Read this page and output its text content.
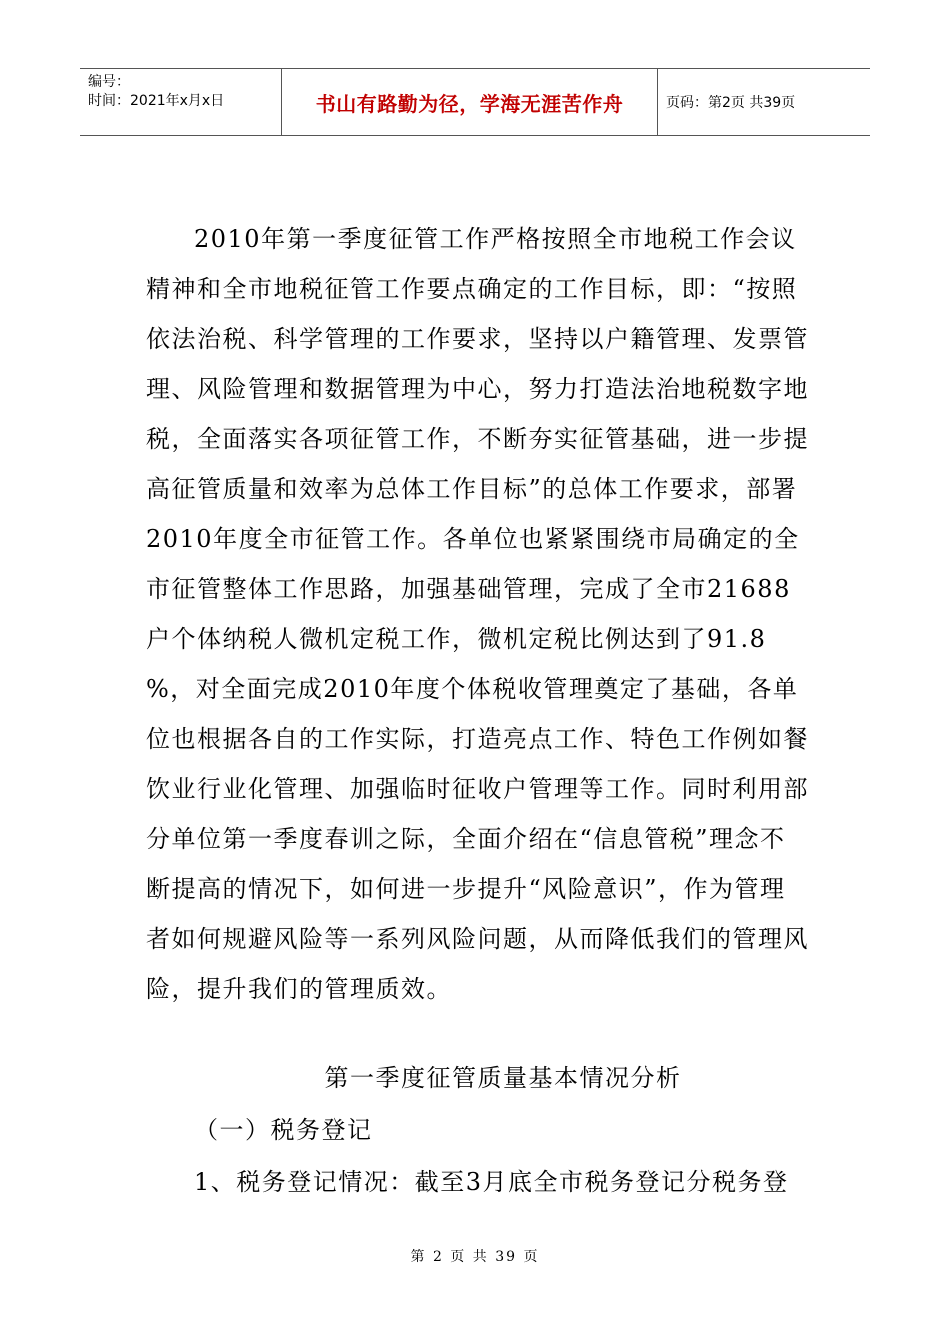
编号：
时间：2021年x月x日	书山有路勤为径，学海无涯苦作舟	页码：第2页 共39页

2010年第一季度征管工作严格按照全市地税工作会议精神和全市地税征管工作要点确定的工作目标，即：“按照依法治税、科学管理的工作要求，坚持以户籍管理、发票管理、风险管理和数据管理为中心，努力打造法治地税数字地税，全面落实各项征管工作，不断夯实征管基础，进一步提高征管质量和效率为总体工作目标”的总体工作要求，部署2010年度全市征管工作。各单位也紧紧围绕市局确定的全市征管整体工作思路，加强基础管理，完成了全市21688户个体纳税人微机定税工作，微机定税比例达到了91.8 %，对全面完成2010年度个体税收管理奠定了基础，各单位也根据各自的工作实际，打造亮点工作、特色工作例如餐饮业行业化管理、加强临时征收户管理等工作。同时利用部分单位第一季度春训之际，全面介绍在“信息管税”理念不断提高的情况下，如何进一步提升“风险意识”，作为管理者如何规避风险等一系列风险问题，从而降低我们的管理风险，提升我们的管理质效。

第一季度征管质量基本情况分析
（一）税务登记
1、税务登记情况：截至3月底全市税务登记分税务登
第 2 页 共 39 页
